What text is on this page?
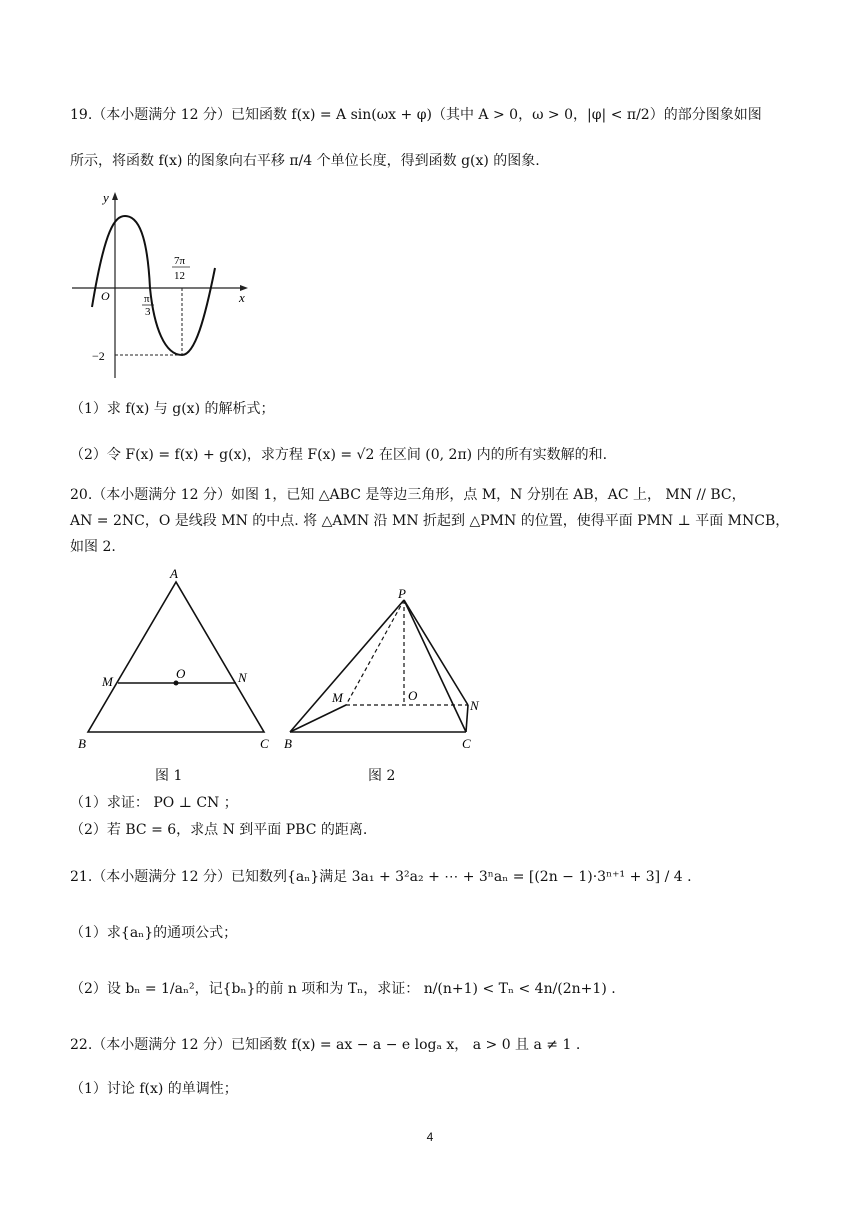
19.（本小题满分 12 分）已知函数 f(x) = A sin(ωx + φ)（其中 A > 0，ω > 0，|φ| < π/2）的部分图象如图
所示，将函数 f(x) 的图象向右平移 π/4 个单位长度，得到函数 g(x) 的图象.
y
x
O	π
3
7π
12
−2
（1）求 f(x) 与 g(x) 的解析式；
（2）令 F(x) = f(x) + g(x)，求方程 F(x) = √2 在区间 (0, 2π) 内的所有实数解的和.
20.（本小题满分 12 分）如图 1，已知 △ABC 是等边三角形，点 M，N 分别在 AB，AC 上， MN // BC，
AN = 2NC，O 是线段 MN 的中点. 将 △AMN 沿 MN 折起到 △PMN 的位置，使得平面 PMN ⊥ 平面 MNCB，
如图 2.
A
B	C
M	N
O
P
B	C
M
N
O
图 1	图 2
（1）求证： PO ⊥ CN ；
（2）若 BC = 6，求点 N 到平面 PBC 的距离.
21.（本小题满分 12 分）已知数列{aₙ}满足 3a₁ + 3²a₂ + ⋯ + 3ⁿaₙ = [(2n − 1)·3ⁿ⁺¹ + 3] / 4 .
（1）求{aₙ}的通项公式；
（2）设 bₙ = 1/aₙ²，记{bₙ}的前 n 项和为 Tₙ，求证： n/(n+1) < Tₙ < 4n/(2n+1) .
22.（本小题满分 12 分）已知函数 f(x) = ax − a − e logₐ x， a > 0 且 a ≠ 1 .
（1）讨论 f(x) 的单调性；
4
